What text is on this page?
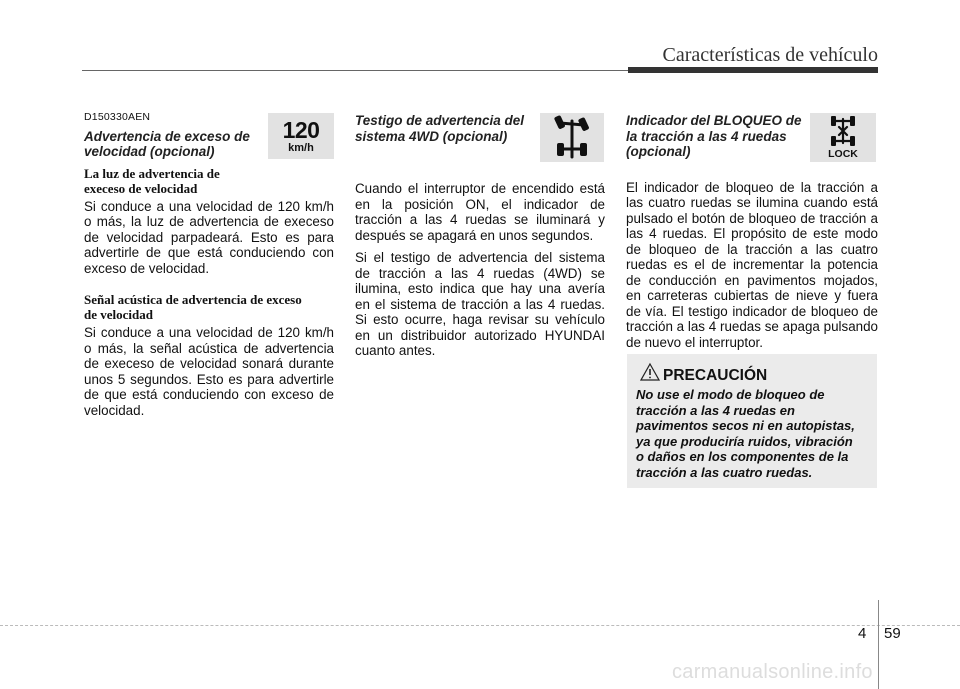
Características de vehículo
D150330AEN
Advertencia de exceso de
velocidad (opcional)
La luz de advertencia de
execeso de velocidad
Si conduce a una velocidad de 120 km/h o más, la luz de advertencia de execeso de velocidad parpadeará. Esto es para advertirle de que está conduciendo con exceso de velocidad.
Señal acústica de advertencia de exceso
de velocidad
Si conduce a una velocidad de 120 km/h o más, la señal acústica de advertencia de execeso de velocidad sonará durante unos 5 segundos. Esto es para advertirle de que está conduciendo con exceso de velocidad.
120
km/h
Testigo de advertencia del
sistema 4WD (opcional)
Cuando el interruptor de encendido está en la posición ON, el indicador de tracción a las 4 ruedas se iluminará y después se apagará en unos segundos.
Si el testigo de advertencia del sistema de tracción a las 4 ruedas (4WD) se ilumina, esto indica que hay una avería en el sistema de tracción a las 4 ruedas. Si esto ocurre, haga revisar su vehículo en un distribuidor autorizado HYUNDAI cuanto antes.
Indicador del BLOQUEO de
la tracción a las 4 ruedas
(opcional)
El indicador de bloqueo de la tracción a las cuatro ruedas se ilumina cuando está pulsado el botón de bloqueo de tracción a las 4 ruedas. El propósito de este modo de bloqueo de la tracción a las cuatro ruedas es el de incrementar la potencia de conducción en pavimentos mojados, en carreteras cubiertas de nieve y fuera de vía. El testigo indicador de bloqueo de tracción a las 4 ruedas se apaga pulsando de nuevo el interruptor.
LOCK
PRECAUCIÓN
No use el modo de bloqueo de
tracción a las 4 ruedas en
pavimentos secos ni en autopistas,
ya que produciría ruidos, vibración
o daños en los componentes de la
tracción a las cuatro ruedas.
4 59
carmanualsonline.info
